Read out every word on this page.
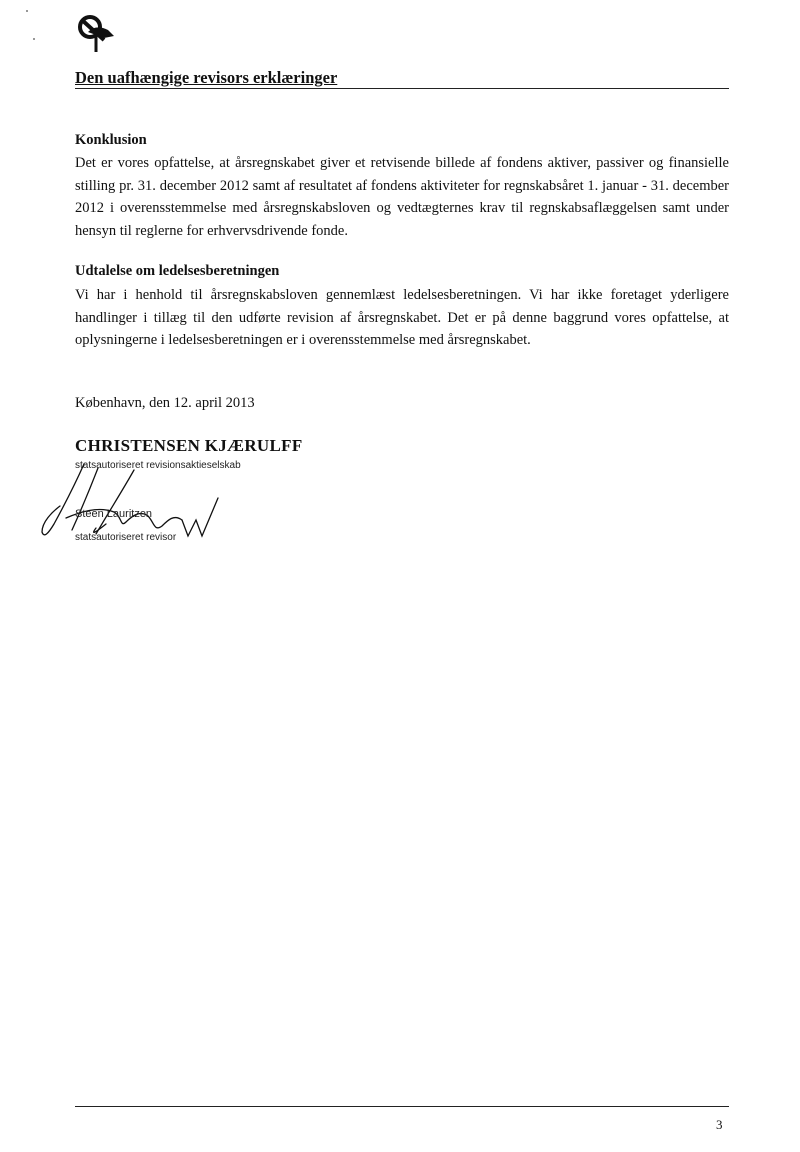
Den uafhængige revisors erklæringer
Konklusion
Det er vores opfattelse, at årsregnskabet giver et retvisende billede af fondens aktiver, passiver og finansielle stilling pr. 31. december 2012 samt af resultatet af fondens aktiviteter for regnskabsåret 1. januar - 31. december 2012 i overensstemmelse med årsregnskabsloven og vedtægternes krav til regnskabsaflæggelsen samt under hensyn til reglerne for erhvervsdrivende fonde.
Udtalelse om ledelsesberetningen
Vi har i henhold til årsregnskabsloven gennemlæst ledelsesberetningen. Vi har ikke foretaget yderligere handlinger i tillæg til den udførte revision af årsregnskabet. Det er på denne baggrund vores opfattelse, at oplysningerne i ledelsesberetningen er i overensstemmelse med årsregnskabet.
København, den 12. april 2013
CHRISTENSEN KJÆRULFF
statsautoriseret revisionsaktieselskab
Steen Lauritzen
statsautoriseret revisor
3
